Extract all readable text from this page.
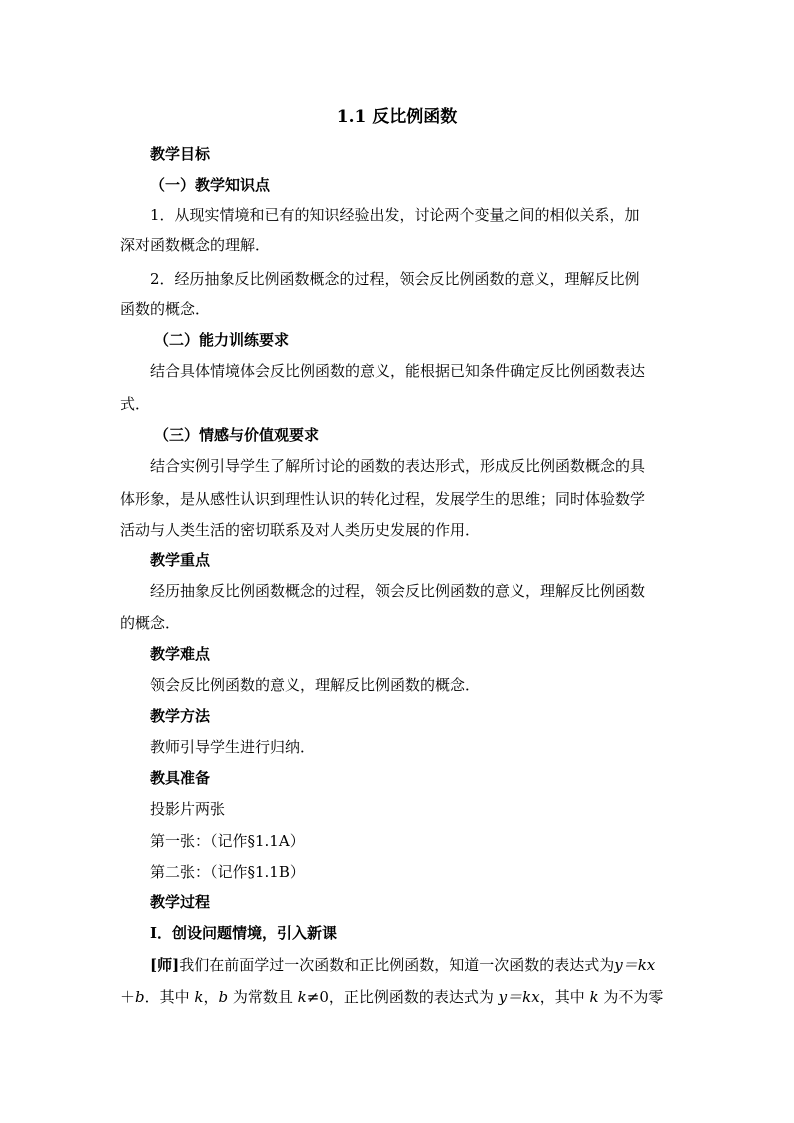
1.1 反比例函数
教学目标
（一）教学知识点
1．从现实情境和已有的知识经验出发，讨论两个变量之间的相似关系，加
深对函数概念的理解．
2．经历抽象反比例函数概念的过程，领会反比例函数的意义，理解反比例
函数的概念．
（二）能力训练要求
结合具体情境体会反比例函数的意义，能根据已知条件确定反比例函数表达
式．
（三）情感与价值观要求
结合实例引导学生了解所讨论的函数的表达形式，形成反比例函数概念的具
体形象，是从感性认识到理性认识的转化过程，发展学生的思维；同时体验数学
活动与人类生活的密切联系及对人类历史发展的作用．
教学重点
经历抽象反比例函数概念的过程，领会反比例函数的意义，理解反比例函数
的概念．
教学难点
领会反比例函数的意义，理解反比例函数的概念．
教学方法
教师引导学生进行归纳．
教具准备
投影片两张
第一张：（记作§1.1A）
第二张：（记作§1.1B）
教学过程
Ⅰ．创设问题情境，引入新课
[师]我们在前面学过一次函数和正比例函数，知道一次函数的表达式为y＝kx
＋b．其中 k，b 为常数且 k≠0，正比例函数的表达式为 y＝kx，其中 k 为不为零
